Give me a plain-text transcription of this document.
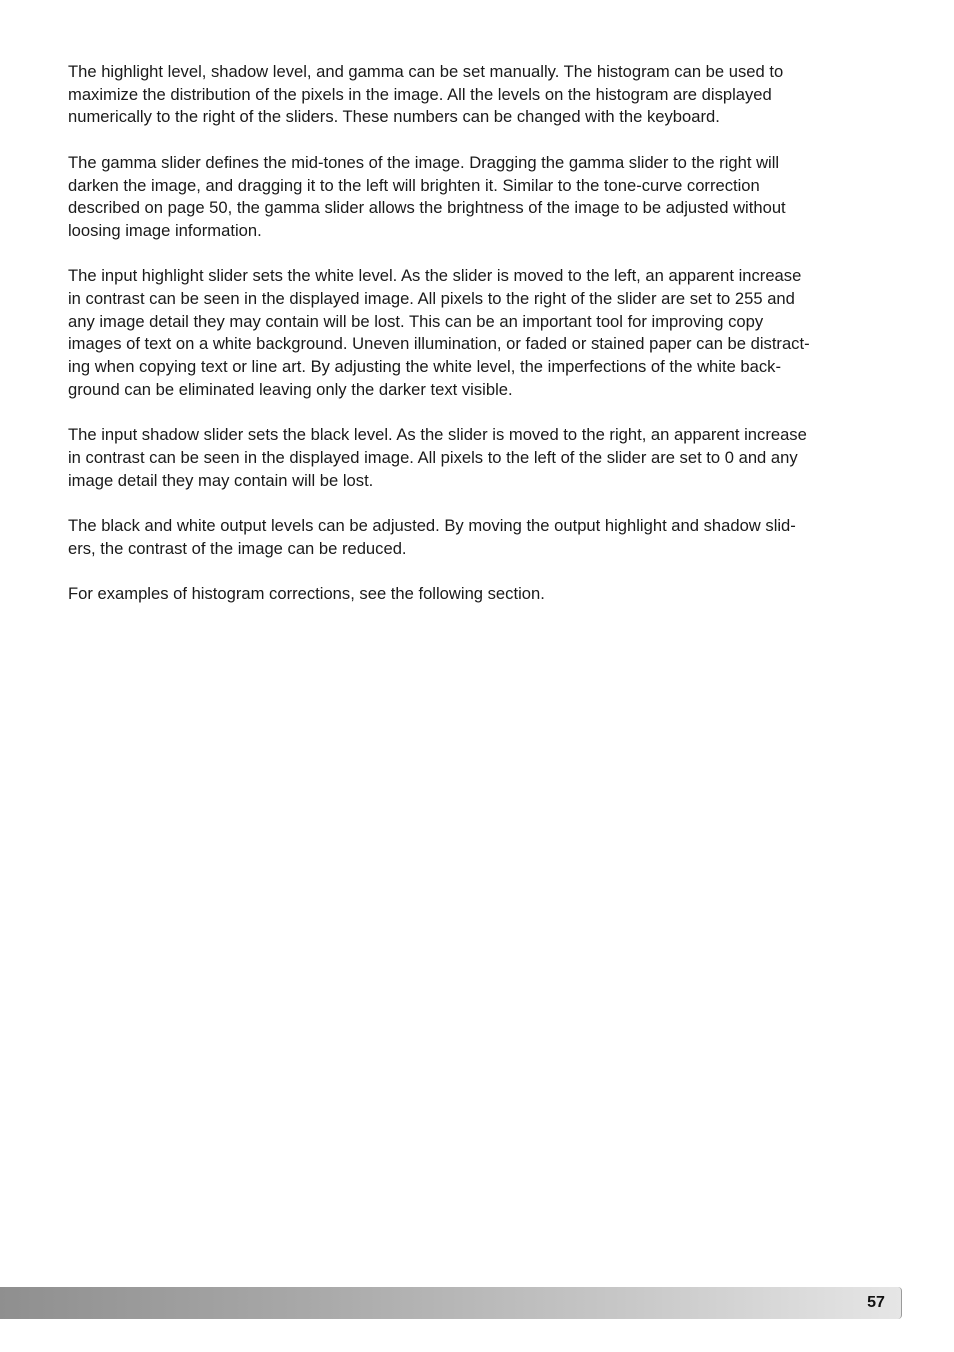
The highlight level, shadow level, and gamma can be set manually. The histogram can be used to
maximize the distribution of the pixels in the image. All the levels on the histogram are displayed
numerically to the right of the sliders. These numbers can be changed with the keyboard.

The gamma slider defines the mid-tones of the image. Dragging the gamma slider to the right will
darken the image, and dragging it to the left will brighten it. Similar to the tone-curve correction
described on page 50, the gamma slider allows the brightness of the image to be adjusted without
loosing image information.

The input highlight slider sets the white level. As the slider is moved to the left, an apparent increase
in contrast can be seen in the displayed image. All pixels to the right of the slider are set to 255 and
any image detail they may contain will be lost. This can be an important tool for improving copy
images of text on a white background. Uneven illumination, or faded or stained paper can be distract-
ing when copying text or line art. By adjusting the white level, the imperfections of the white back-
ground can be eliminated leaving only the darker text visible.

The input shadow slider sets the black level. As the slider is moved to the right, an apparent increase
in contrast can be seen in the displayed image. All pixels to the left of the slider are set to 0 and any
image detail they may contain will be lost.

The black and white output levels can be adjusted. By moving the output highlight and shadow slid-
ers, the contrast of the image can be reduced.

For examples of histogram corrections, see the following section.

57
